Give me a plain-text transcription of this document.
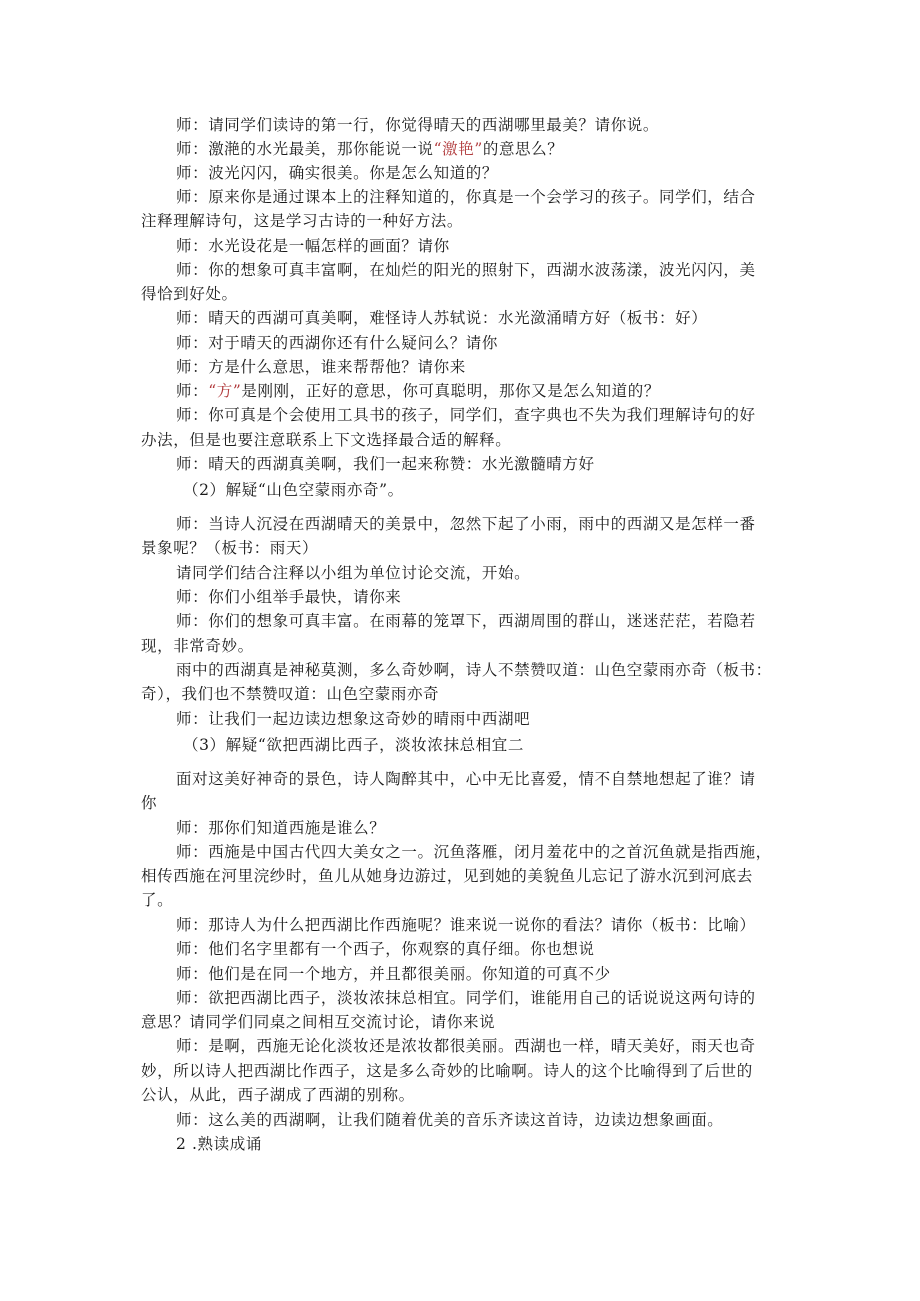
师：请同学们读诗的第一行，你觉得晴天的西湖哪里最美？请你说。
师：激滟的水光最美，那你能说一说“激艳”的意思么？
师：波光闪闪，确实很美。你是怎么知道的？
师：原来你是通过课本上的注释知道的，你真是一个会学习的孩子。同学们，结合
注释理解诗句，这是学习古诗的一种好方法。
师：水光设花是一幅怎样的画面？请你
师：你的想象可真丰富啊，在灿烂的阳光的照射下，西湖水波荡漾，波光闪闪，美
得恰到好处。
师：晴天的西湖可真美啊，难怪诗人苏轼说：水光潋涌晴方好（板书：好）
师：对于晴天的西湖你还有什么疑问么？请你
师：方是什么意思，谁来帮帮他？请你来
师：“方”是刚刚，正好的意思，你可真聪明，那你又是怎么知道的？
师：你可真是个会使用工具书的孩子，同学们，查字典也不失为我们理解诗句的好
办法，但是也要注意联系上下文选择最合适的解释。
师：晴天的西湖真美啊，我们一起来称赞：水光激髓晴方好
（2）解疑“山色空蒙雨亦奇”。
师：当诗人沉浸在西湖晴天的美景中，忽然下起了小雨，雨中的西湖又是怎样一番
景象呢？（板书：雨天）
请同学们结合注释以小组为单位讨论交流，开始。
师：你们小组举手最快，请你来
师：你们的想象可真丰富。在雨幕的笼罩下，西湖周围的群山，迷迷茫茫，若隐若
现，非常奇妙。
雨中的西湖真是神秘莫测，多么奇妙啊，诗人不禁赞叹道：山色空蒙雨亦奇（板书：
奇），我们也不禁赞叹道：山色空蒙雨亦奇
师：让我们一起边读边想象这奇妙的晴雨中西湖吧
（3）解疑“欲把西湖比西子，淡妆浓抹总相宜二
面对这美好神奇的景色，诗人陶醉其中，心中无比喜爱，情不自禁地想起了谁？请
你
师：那你们知道西施是谁么？
师：西施是中国古代四大美女之一。沉鱼落雁，闭月羞花中的之首沉鱼就是指西施，
相传西施在河里浣纱时，鱼儿从她身边游过，见到她的美貌鱼儿忘记了游水沉到河底去
了。
师：那诗人为什么把西湖比作西施呢？谁来说一说你的看法？请你（板书：比喻）
师：他们名字里都有一个西子，你观察的真仔细。你也想说
师：他们是在同一个地方，并且都很美丽。你知道的可真不少
师：欲把西湖比西子，淡妆浓抹总相宜。同学们，谁能用自己的话说说这两句诗的
意思？请同学们同桌之间相互交流讨论，请你来说
师：是啊，西施无论化淡妆还是浓妆都很美丽。西湖也一样，晴天美好，雨天也奇
妙，所以诗人把西湖比作西子，这是多么奇妙的比喻啊。诗人的这个比喻得到了后世的
公认，从此，西子湖成了西湖的别称。
师：这么美的西湖啊，让我们随着优美的音乐齐读这首诗，边读边想象画面。
2 .熟读成诵
